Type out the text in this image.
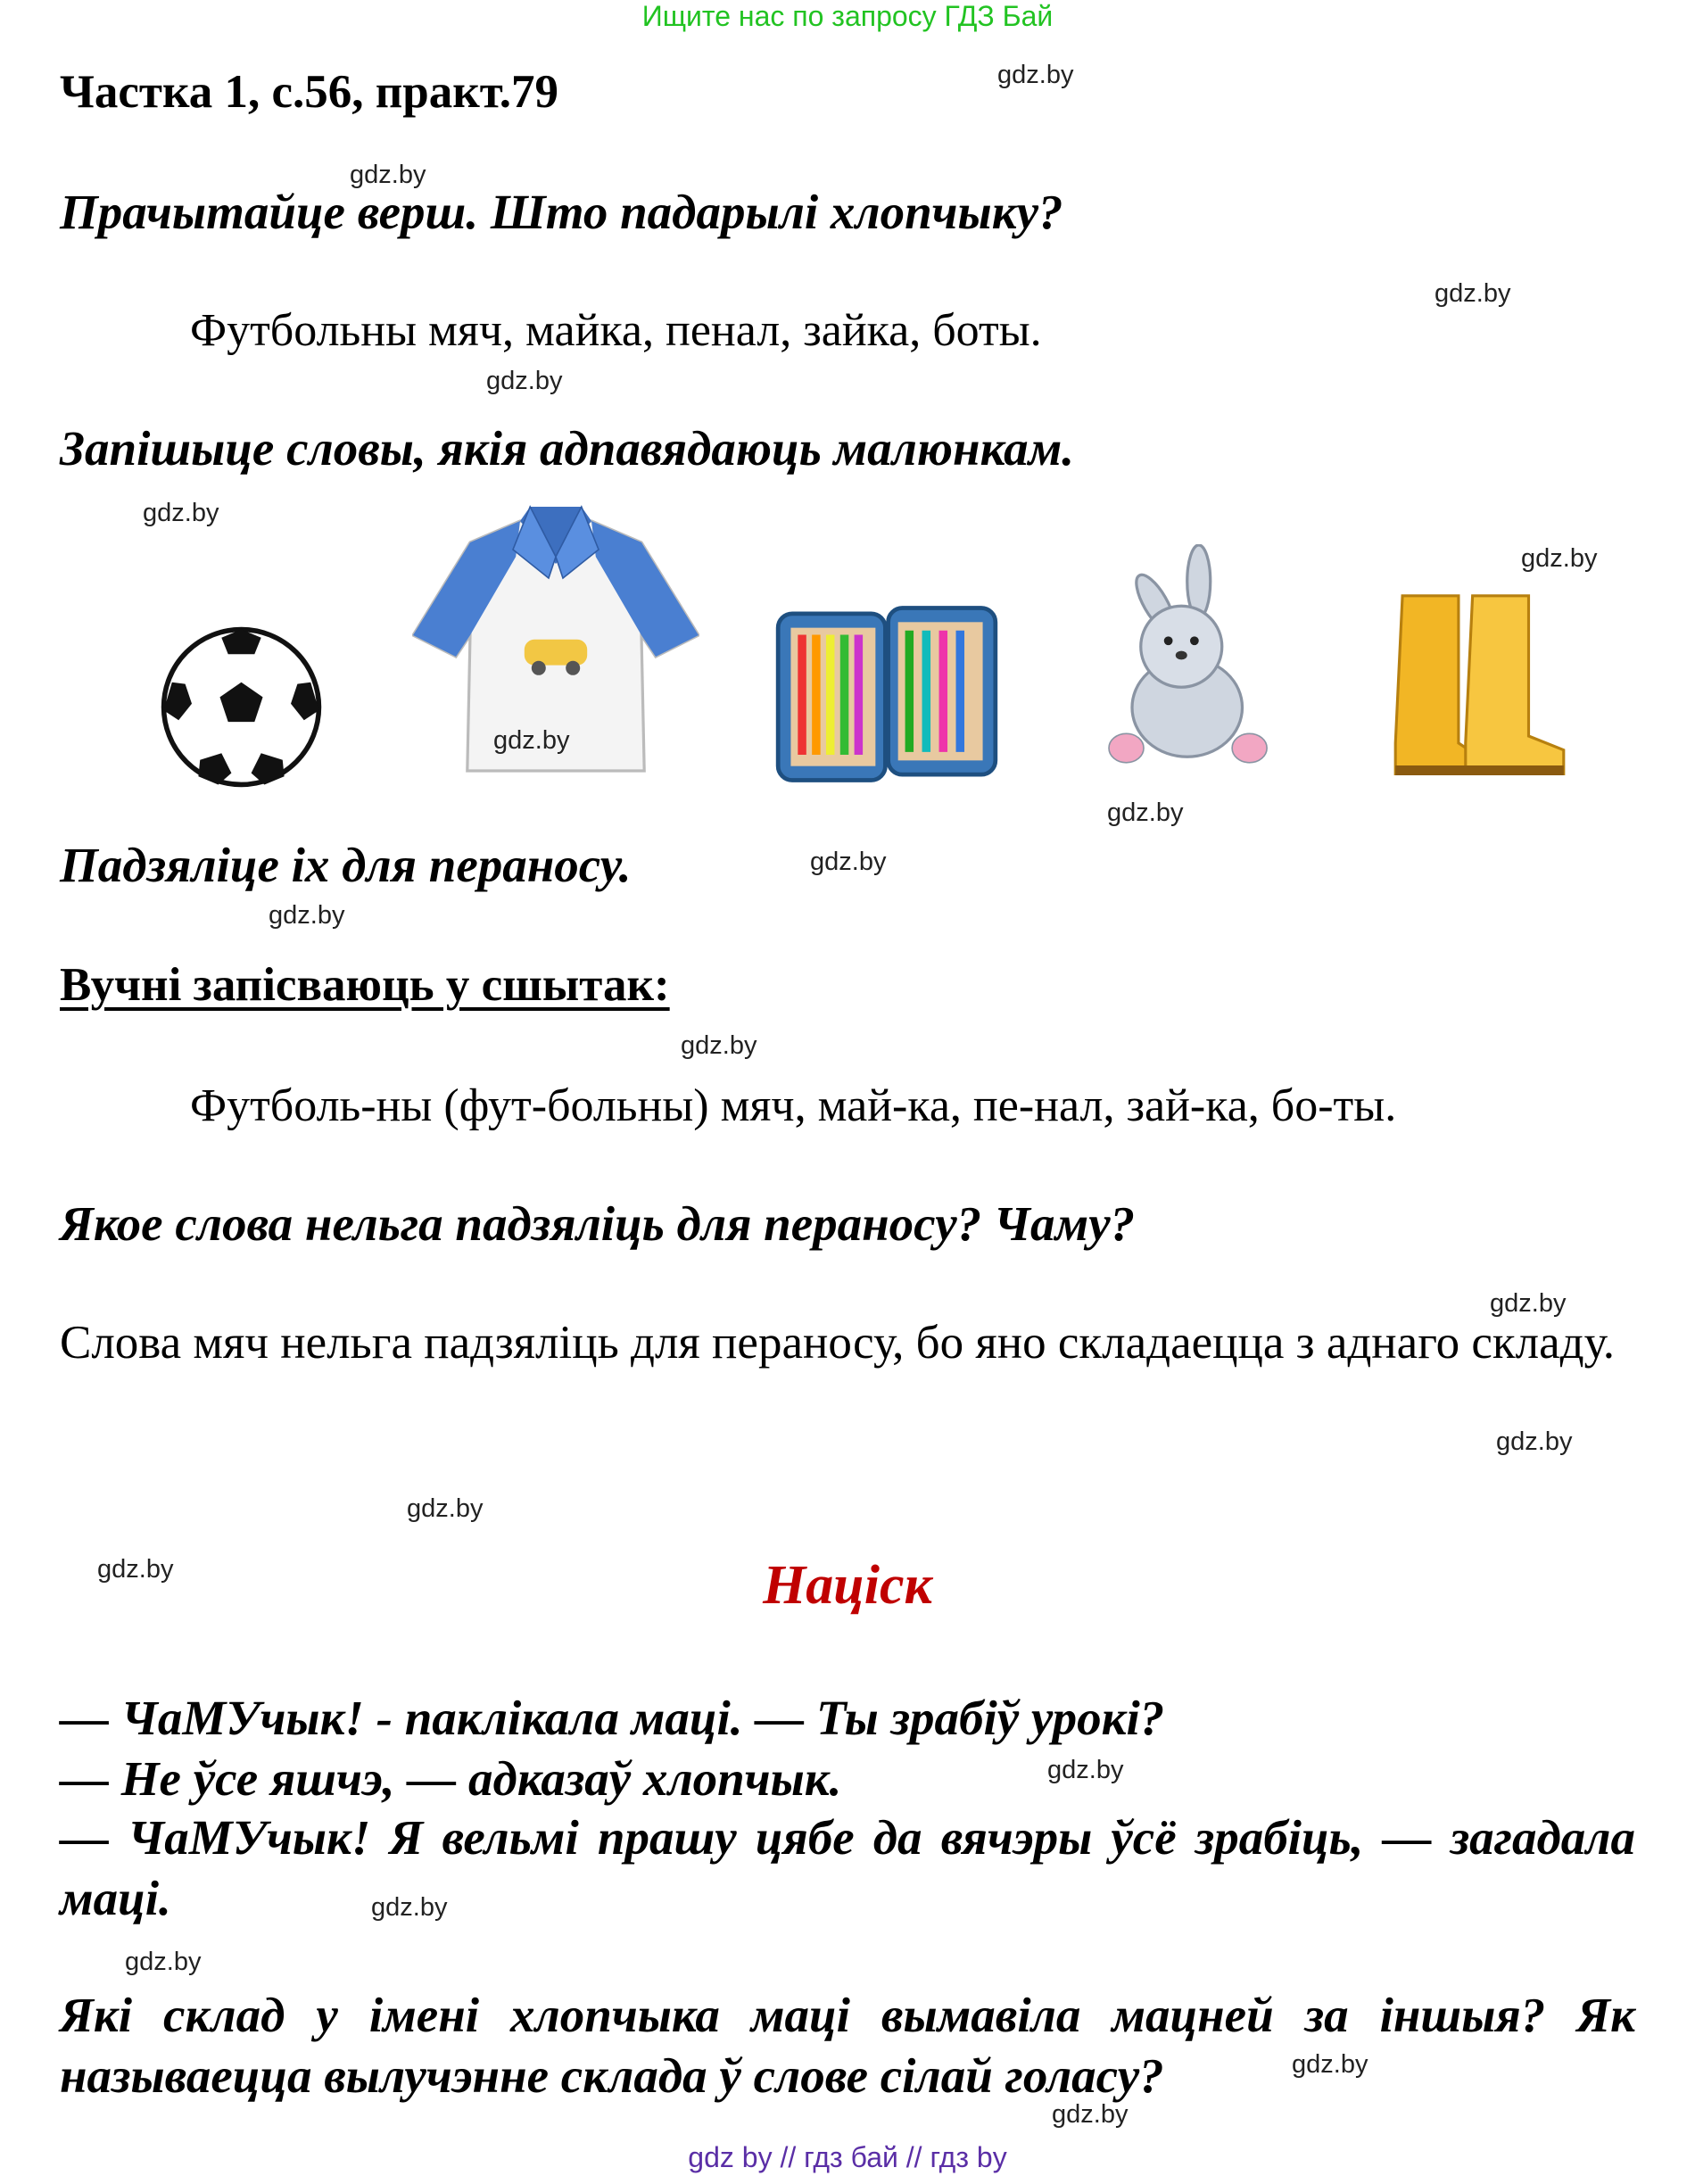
Ищите нас по запросу ГДЗ Бай
Частка 1, с.56, практ.79
Прачытайце верш. Што падарылі хлопчыку?
Футбольны мяч, майка, пенал, зайка, боты.
Запішыце словы, якія адпавядаюць малюнкам.
Падзяліце іх для пераносу.
Вучні запісваюць у сшытак:
Футболь-ны (фут-больны) мяч, май-ка, пе-нал, зай-ка, бо-ты.
Якое слова нельга падзяліць для пераносу? Чаму?
Слова мяч нельга падзяліць для пераносу, бо яно складаецца з аднаго складу.
Націск
— ЧаМУчык! - паклікала маці. — Ты зрабіў урокі?
— Не ўсе яшчэ, — адказаў хлопчык.
— ЧаМУчык! Я вельмі прашу цябе да вячэры ўсё зрабіць, — загадала маці.
Які склад у імені хлопчыка маці вымавіла мацней за іншыя? Як называецца вылучэнне склада ў слове сілай голасу?
gdz by // гдз бай // гдз by
gdz.by
gdz.by
gdz.by
gdz.by
gdz.by
gdz.by
gdz.by
gdz.by
gdz.by
gdz.by
gdz.by
gdz.by
gdz.by
gdz.by
gdz.by
gdz.by
gdz.by
gdz.by
gdz.by
gdz.by
